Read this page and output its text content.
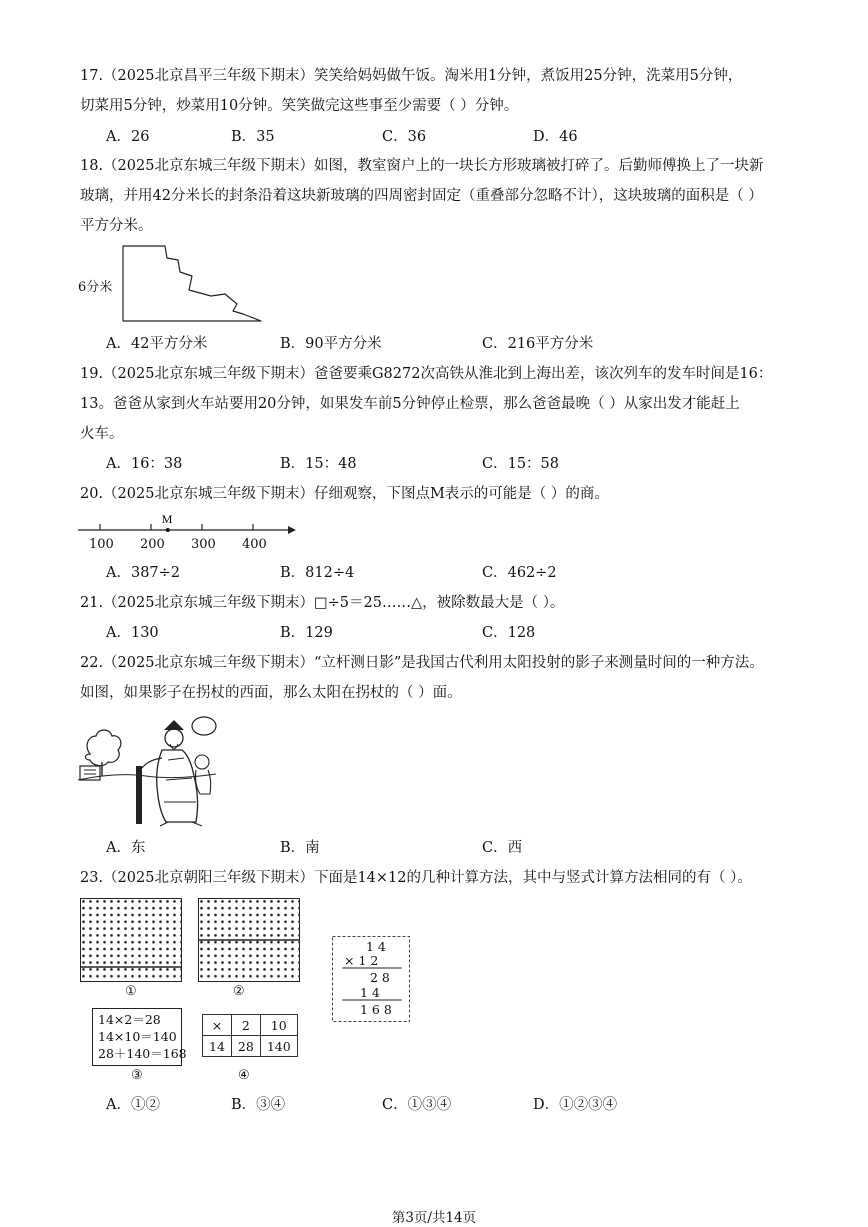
17.（2025北京昌平三年级下期末）笑笑给妈妈做午饭。淘米用1分钟，煮饭用25分钟，洗菜用5分钟，
切菜用5分钟，炒菜用10分钟。笑笑做完这些事至少需要（ ）分钟。
A．26	B．35	C．36	D．46
18.（2025北京东城三年级下期末）如图，教室窗户上的一块长方形玻璃被打碎了。后勤师傅换上了一块新
玻璃，并用42分米长的封条沿着这块新玻璃的四周密封固定（重叠部分忽略不计），这块玻璃的面积是（ ）
平方分米。
6分米
A．42平方分米	B．90平方分米	C．216平方分米
19.（2025北京东城三年级下期末）爸爸要乘G8272次高铁从淮北到上海出差，该次列车的发车时间是16：
13。爸爸从家到火车站要用20分钟，如果发车前5分钟停止检票，那么爸爸最晚（ ）从家出发才能赶上
火车。
A．16：38	B．15：48	C．15：58
20.（2025北京东城三年级下期末）仔细观察，下图点M表示的可能是（ ）的商。
M
100 200 300 400
A．387÷2	B．812÷4	C．462÷2
21.（2025北京东城三年级下期末）□÷5＝25……△，被除数最大是（ ）。
A．130	B．129	C．128
22.（2025北京东城三年级下期末）“立杆测日影”是我国古代利用太阳投射的影子来测量时间的一种方法。
如图，如果影子在拐杖的西面，那么太阳在拐杖的（ ）面。
A．东	B．南	C．西
23.（2025北京朝阳三年级下期末）下面是14×12的几种计算方法，其中与竖式计算方法相同的有（ ）。
①	②
1 4
× 1 2
2 8
1 4
1 6 8
14×2＝28
14×10＝140
28＋140＝168
③
×	2	10
14	28	140
④
A．①②	B．③④	C．①③④	D．①②③④
第3页/共14页
